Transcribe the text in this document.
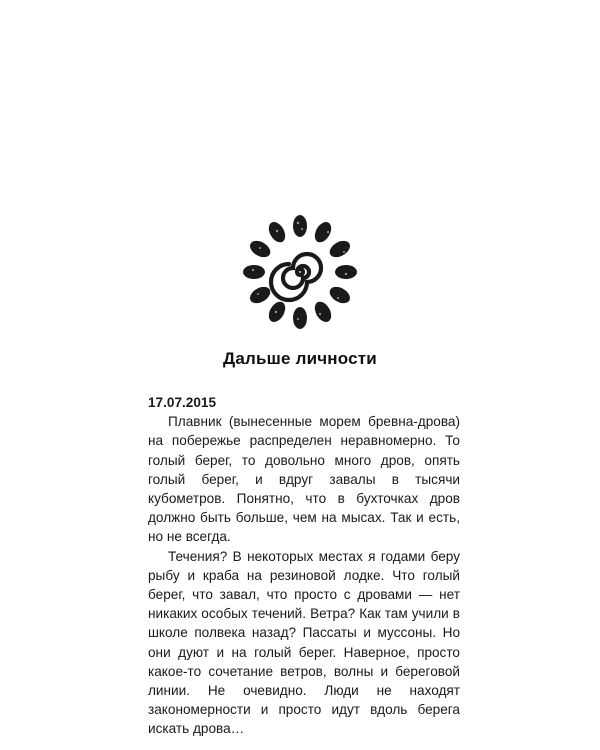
Дальше личности
17.07.2015

Плавник (вынесенные морем бревна-дрова) на побережье распределен неравномерно. То голый берег, то довольно много дров, опять голый берег, и вдруг завалы в тысячи кубометров. Понятно, что в бухточках дров должно быть больше, чем на мысах. Так и есть, но не всегда.

Течения? В некоторых местах я годами беру рыбу и краба на резиновой лодке. Что голый берег, что завал, что просто с дровами — нет никаких особых течений. Ветра? Как там учили в школе полвека назад? Пассаты и муссоны. Но они дуют и на голый берег. Наверное, просто какое-то сочетание ветров, волны и береговой линии. Не очевидно. Люди не находят закономерности и просто идут вдоль берега искать дрова…
